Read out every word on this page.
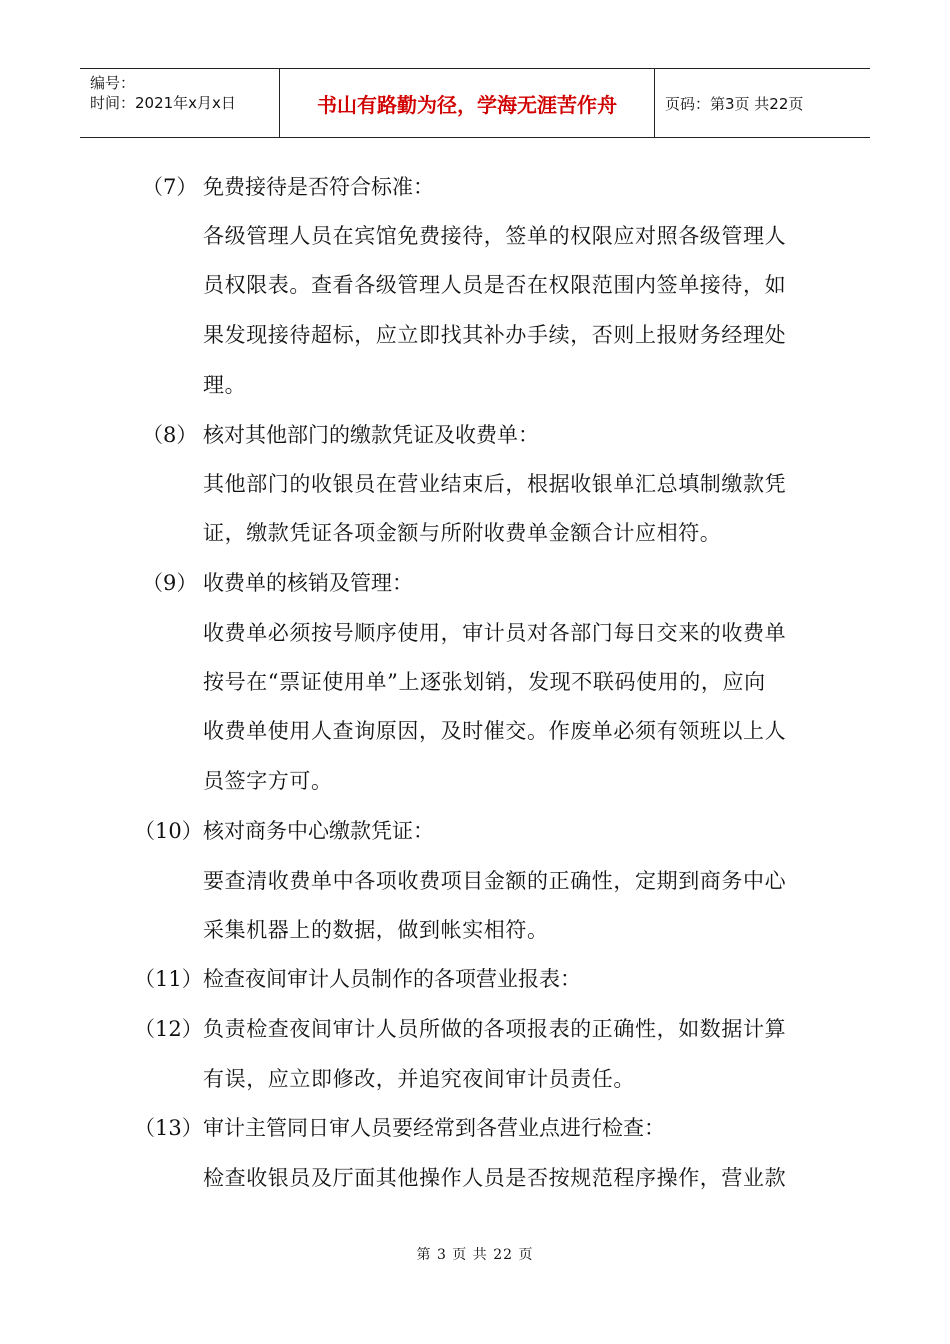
编号：
时间：2021年x月x日	书山有路勤为径，学海无涯苦作舟	页码：第3页 共22页
（7） 免费接待是否符合标准：
各级管理人员在宾馆免费接待，签单的权限应对照各级管理人
员权限表。查看各级管理人员是否在权限范围内签单接待，如
果发现接待超标，应立即找其补办手续，否则上报财务经理处
理。
（8） 核对其他部门的缴款凭证及收费单：
其他部门的收银员在营业结束后，根据收银单汇总填制缴款凭
证，缴款凭证各项金额与所附收费单金额合计应相符。
（9） 收费单的核销及管理：
收费单必须按号顺序使用，审计员对各部门每日交来的收费单
按号在“票证使用单”上逐张划销，发现不联码使用的，应向
收费单使用人查询原因，及时催交。作废单必须有领班以上人
员签字方可。
（10） 核对商务中心缴款凭证：
要查清收费单中各项收费项目金额的正确性，定期到商务中心
采集机器上的数据，做到帐实相符。
（11） 检查夜间审计人员制作的各项营业报表：
（12） 负责检查夜间审计人员所做的各项报表的正确性，如数据计算
有误，应立即修改，并追究夜间审计员责任。
（13） 审计主管同日审人员要经常到各营业点进行检查：
检查收银员及厅面其他操作人员是否按规范程序操作，营业款
第 3 页 共 22 页
